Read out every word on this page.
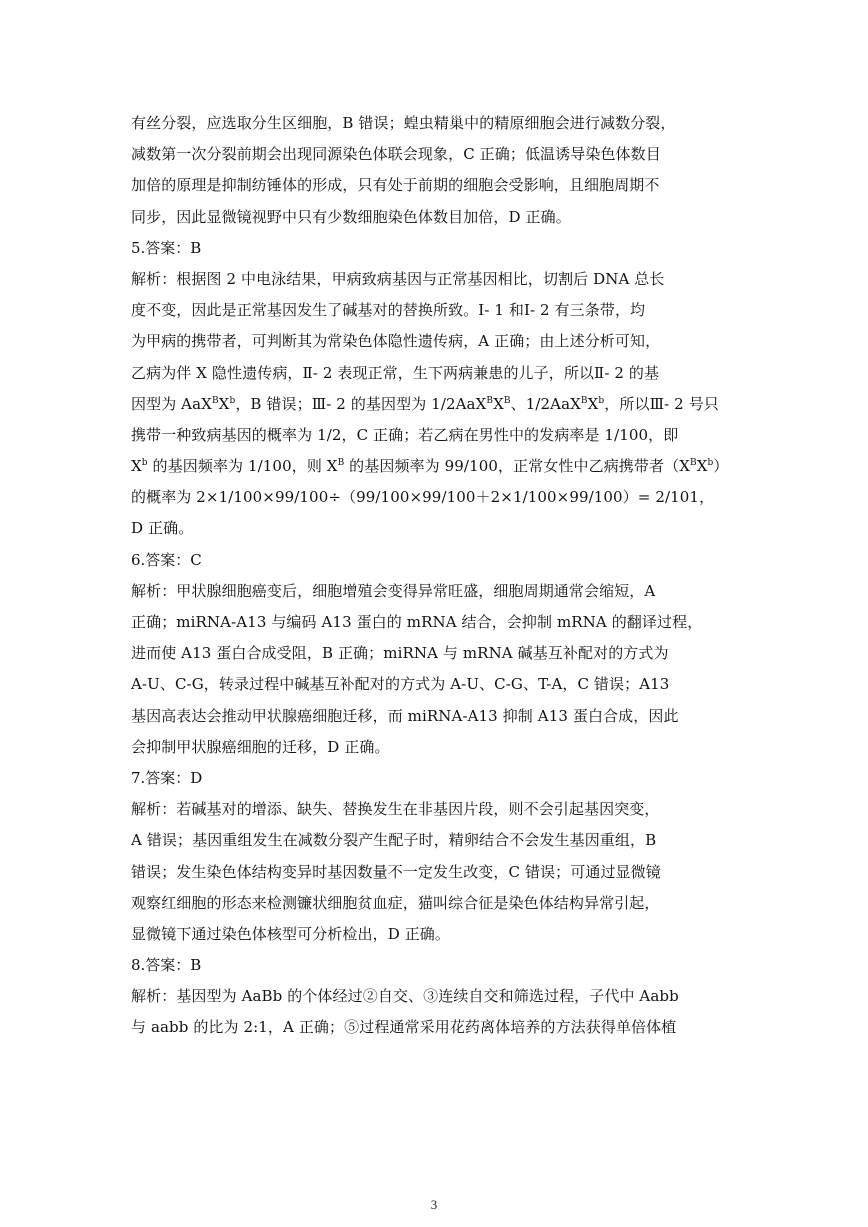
有丝分裂，应选取分生区细胞，B 错误；蝗虫精巢中的精原细胞会进行减数分裂，
减数第一次分裂前期会出现同源染色体联会现象，C 正确；低温诱导染色体数目
加倍的原理是抑制纺锤体的形成，只有处于前期的细胞会受影响，且细胞周期不
同步，因此显微镜视野中只有少数细胞染色体数目加倍，D 正确。
5.答案：B
解析：根据图 2 中电泳结果，甲病致病基因与正常基因相比，切割后 DNA 总长
度不变，因此是正常基因发生了碱基对的替换所致。Ⅰ- 1 和Ⅰ- 2 有三条带，均
为甲病的携带者，可判断其为常染色体隐性遗传病，A 正确；由上述分析可知，
乙病为伴 X 隐性遗传病，Ⅱ- 2 表现正常，生下两病兼患的儿子，所以Ⅱ- 2 的基
因型为 $AaX^BX^b$，B 错误；Ⅲ- 2 的基因型为 $1/2AaX^BX^B$、$1/2AaX^BX^b$，所以Ⅲ- 2 号只
携带一种致病基因的概率为 1/2，C 正确；若乙病在男性中的发病率是 1/100，即
$X^b$ 的基因频率为 1/100，则 $X^B$ 的基因频率为 99/100，正常女性中乙病携带者$(X^BX^b)$
的概率为 2×1/100×99/100÷（99/100×99/100＋2×1/100×99/100）= 2/101，
D 正确。
6.答案：C
解析：甲状腺细胞癌变后，细胞增殖会变得异常旺盛，细胞周期通常会缩短，A
正确；miRNA-A13 与编码 A13 蛋白的 mRNA 结合，会抑制 mRNA 的翻译过程，
进而使 A13 蛋白合成受阻，B 正确；miRNA 与 mRNA 碱基互补配对的方式为
A-U、C-G，转录过程中碱基互补配对的方式为 A-U、C-G、T-A，C 错误；A13
基因高表达会推动甲状腺癌细胞迁移，而 miRNA-A13 抑制 A13 蛋白合成，因此
会抑制甲状腺癌细胞的迁移，D 正确。
7.答案：D
解析：若碱基对的增添、缺失、替换发生在非基因片段，则不会引起基因突变，
A 错误；基因重组发生在减数分裂产生配子时，精卵结合不会发生基因重组，B
错误；发生染色体结构变异时基因数量不一定发生改变，C 错误；可通过显微镜
观察红细胞的形态来检测镰状细胞贫血症，猫叫综合征是染色体结构异常引起，
显微镜下通过染色体核型可分析检出，D 正确。
8.答案：B
解析：基因型为 AaBb 的个体经过②自交、③连续自交和筛选过程，子代中 Aabb
与 aabb 的比为 2:1，A 正确；⑤过程通常采用花药离体培养的方法获得单倍体植
3
